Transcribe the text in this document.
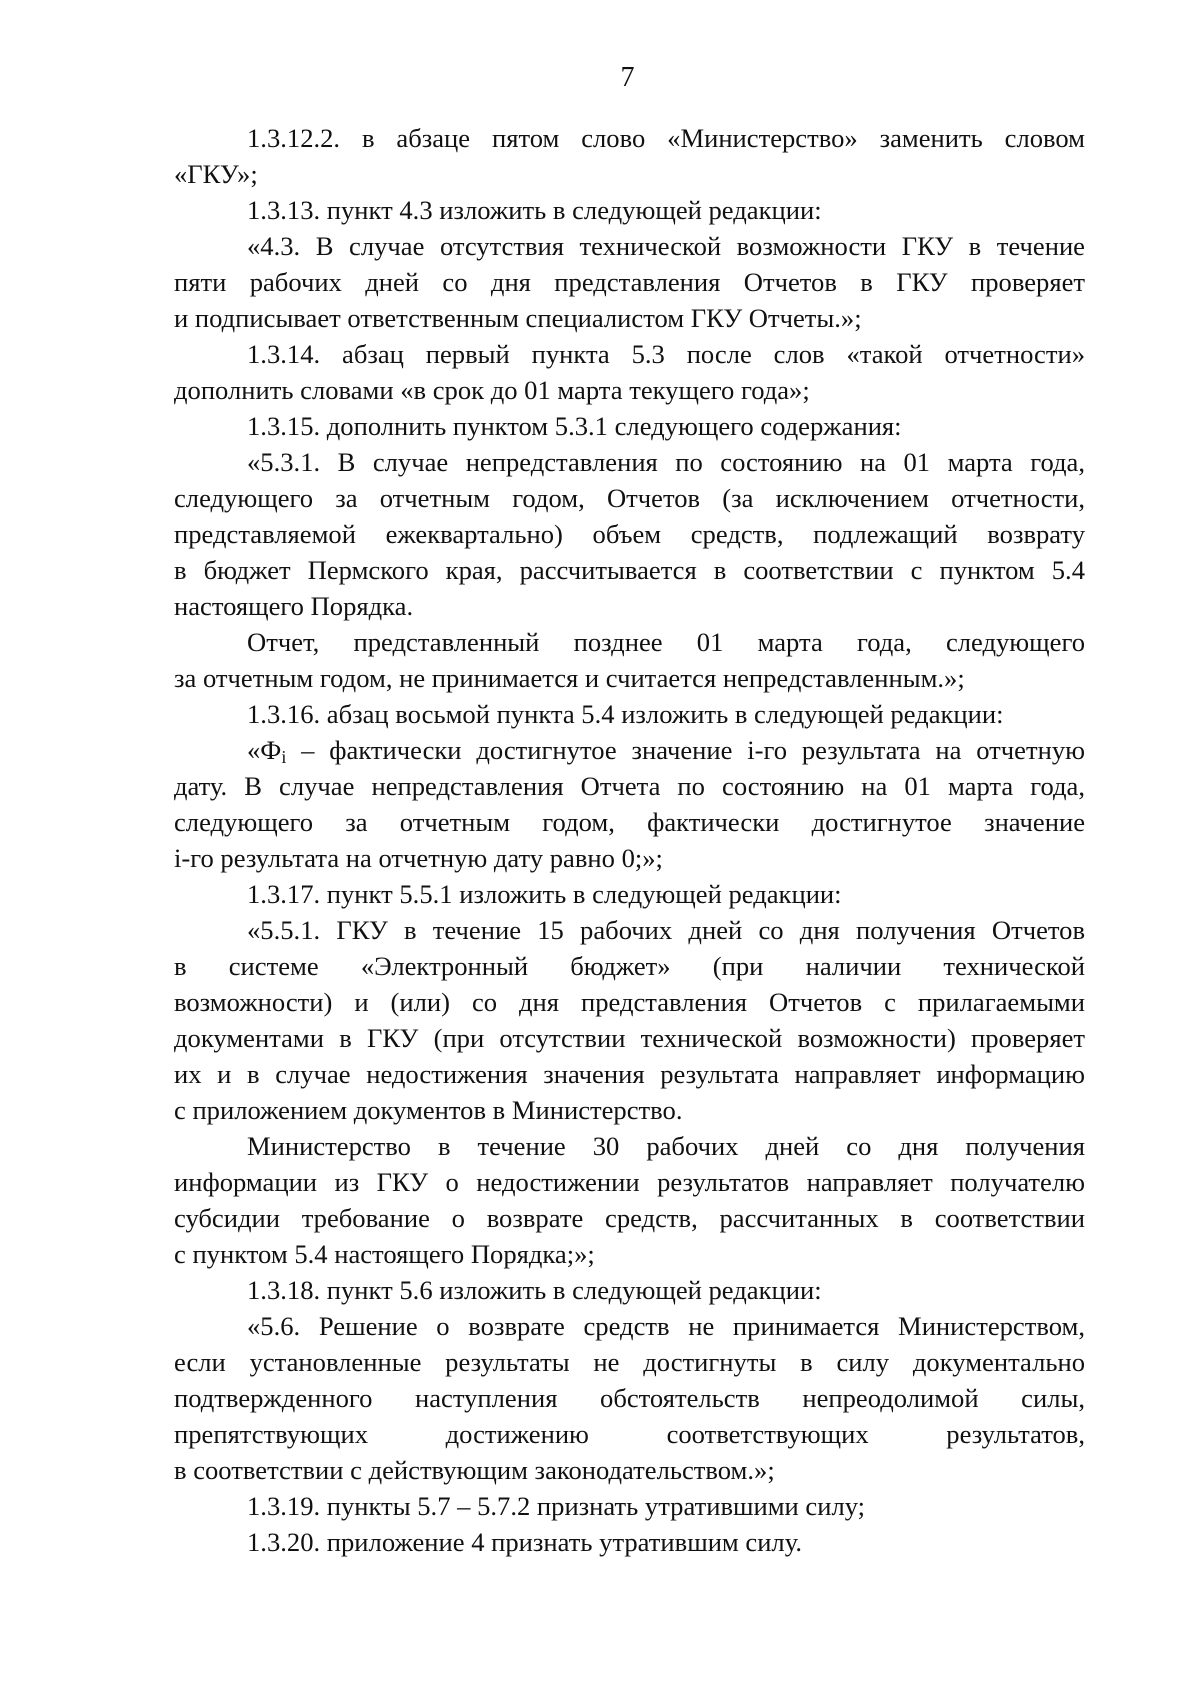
7

1.3.12.2. в абзаце пятом слово «Министерство» заменить словом
«ГКУ»;

1.3.13. пункт 4.3 изложить в следующей редакции:

«4.3. В случае отсутствия технической возможности ГКУ в течение
пяти рабочих дней со дня представления Отчетов в ГКУ проверяет
и подписывает ответственным специалистом ГКУ Отчеты.»;

1.3.14. абзац первый пункта 5.3 после слов «такой отчетности»
дополнить словами «в срок до 01 марта текущего года»;

1.3.15. дополнить пунктом 5.3.1 следующего содержания:

«5.3.1. В случае непредставления по состоянию на 01 марта года,
следующего за отчетным годом, Отчетов (за исключением отчетности,
представляемой ежеквартально) объем средств, подлежащий возврату
в бюджет Пермского края, рассчитывается в соответствии с пунктом 5.4
настоящего Порядка.

Отчет, представленный позднее 01 марта года, следующего
за отчетным годом, не принимается и считается непредставленным.»;

1.3.16. абзац восьмой пункта 5.4 изложить в следующей редакции:

«$Ф_i$ – фактически достигнутое значение i-го результата на отчетную
дату. В случае непредставления Отчета по состоянию на 01 марта года,
следующего за отчетным годом, фактически достигнутое значение
i-го результата на отчетную дату равно 0;»;

1.3.17. пункт 5.5.1 изложить в следующей редакции:

«5.5.1. ГКУ в течение 15 рабочих дней со дня получения Отчетов
в системе «Электронный бюджет» (при наличии технической
возможности) и (или) со дня представления Отчетов с прилагаемыми
документами в ГКУ (при отсутствии технической возможности) проверяет
их и в случае недостижения значения результата направляет информацию
с приложением документов в Министерство.

Министерство в течение 30 рабочих дней со дня получения
информации из ГКУ о недостижении результатов направляет получателю
субсидии требование о возврате средств, рассчитанных в соответствии
с пунктом 5.4 настоящего Порядка;»;

1.3.18. пункт 5.6 изложить в следующей редакции:

«5.6. Решение о возврате средств не принимается Министерством,
если установленные результаты не достигнуты в силу документально
подтвержденного наступления обстоятельств непреодолимой силы,
препятствующих достижению соответствующих результатов,
в соответствии с действующим законодательством.»;

1.3.19. пункты 5.7 – 5.7.2 признать утратившими силу;

1.3.20. приложение 4 признать утратившим силу.
